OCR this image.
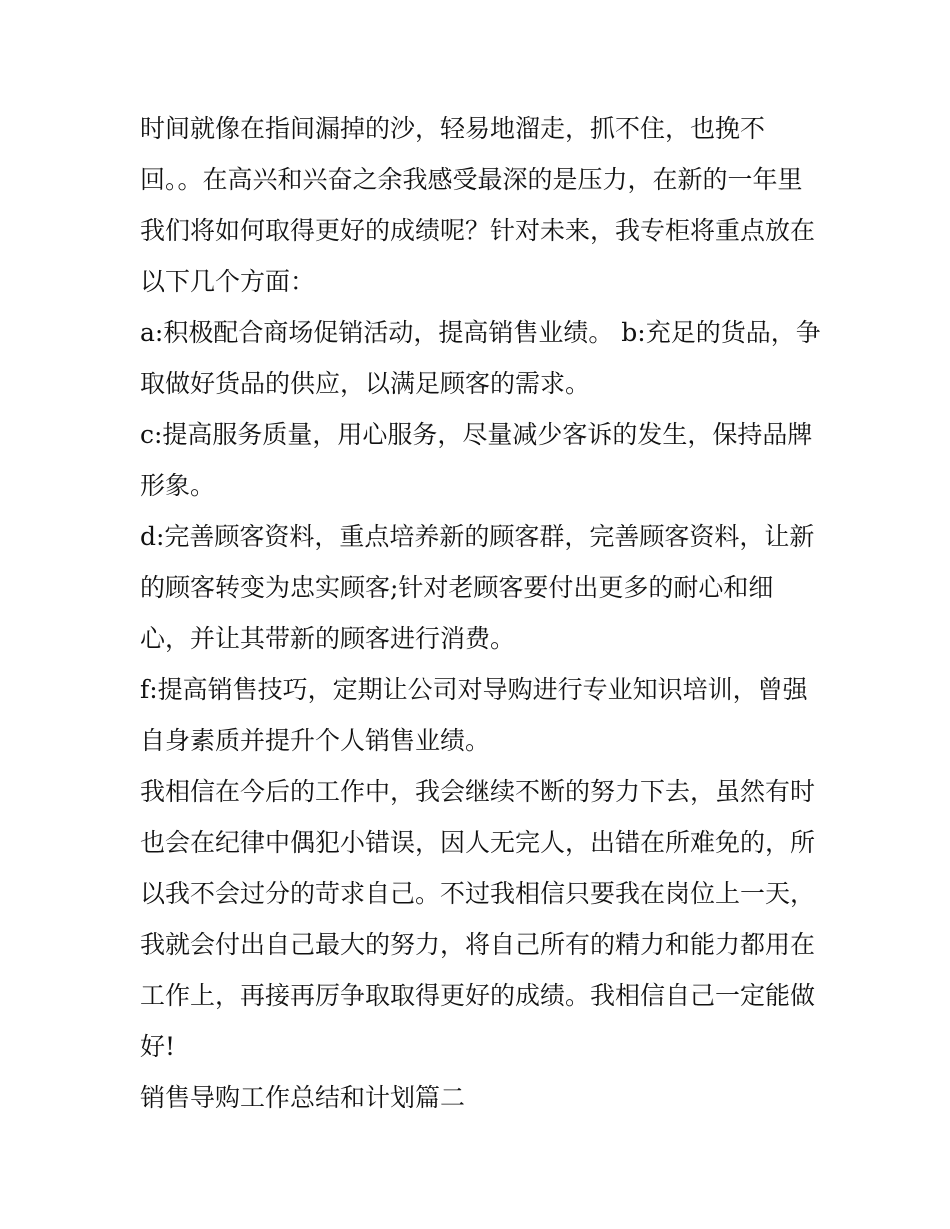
时间就像在指间漏掉的沙，轻易地溜走，抓不住，也挽不
回。。在高兴和兴奋之余我感受最深的是压力，在新的一年里
我们将如何取得更好的成绩呢？针对未来，我专柜将重点放在
以下几个方面：
a:积极配合商场促销活动，提高销售业绩。 b:充足的货品，争
取做好货品的供应，以满足顾客的需求。
c:提高服务质量，用心服务，尽量减少客诉的发生，保持品牌
形象。
d:完善顾客资料，重点培养新的顾客群，完善顾客资料，让新
的顾客转变为忠实顾客;针对老顾客要付出更多的耐心和细
心，并让其带新的顾客进行消费。
f:提高销售技巧，定期让公司对导购进行专业知识培训，曾强
自身素质并提升个人销售业绩。
我相信在今后的工作中，我会继续不断的努力下去，虽然有时
也会在纪律中偶犯小错误，因人无完人，出错在所难免的，所
以我不会过分的苛求自己。不过我相信只要我在岗位上一天，
我就会付出自己最大的努力，将自己所有的精力和能力都用在
工作上，再接再厉争取取得更好的成绩。我相信自己一定能做
好!
销售导购工作总结和计划篇二
